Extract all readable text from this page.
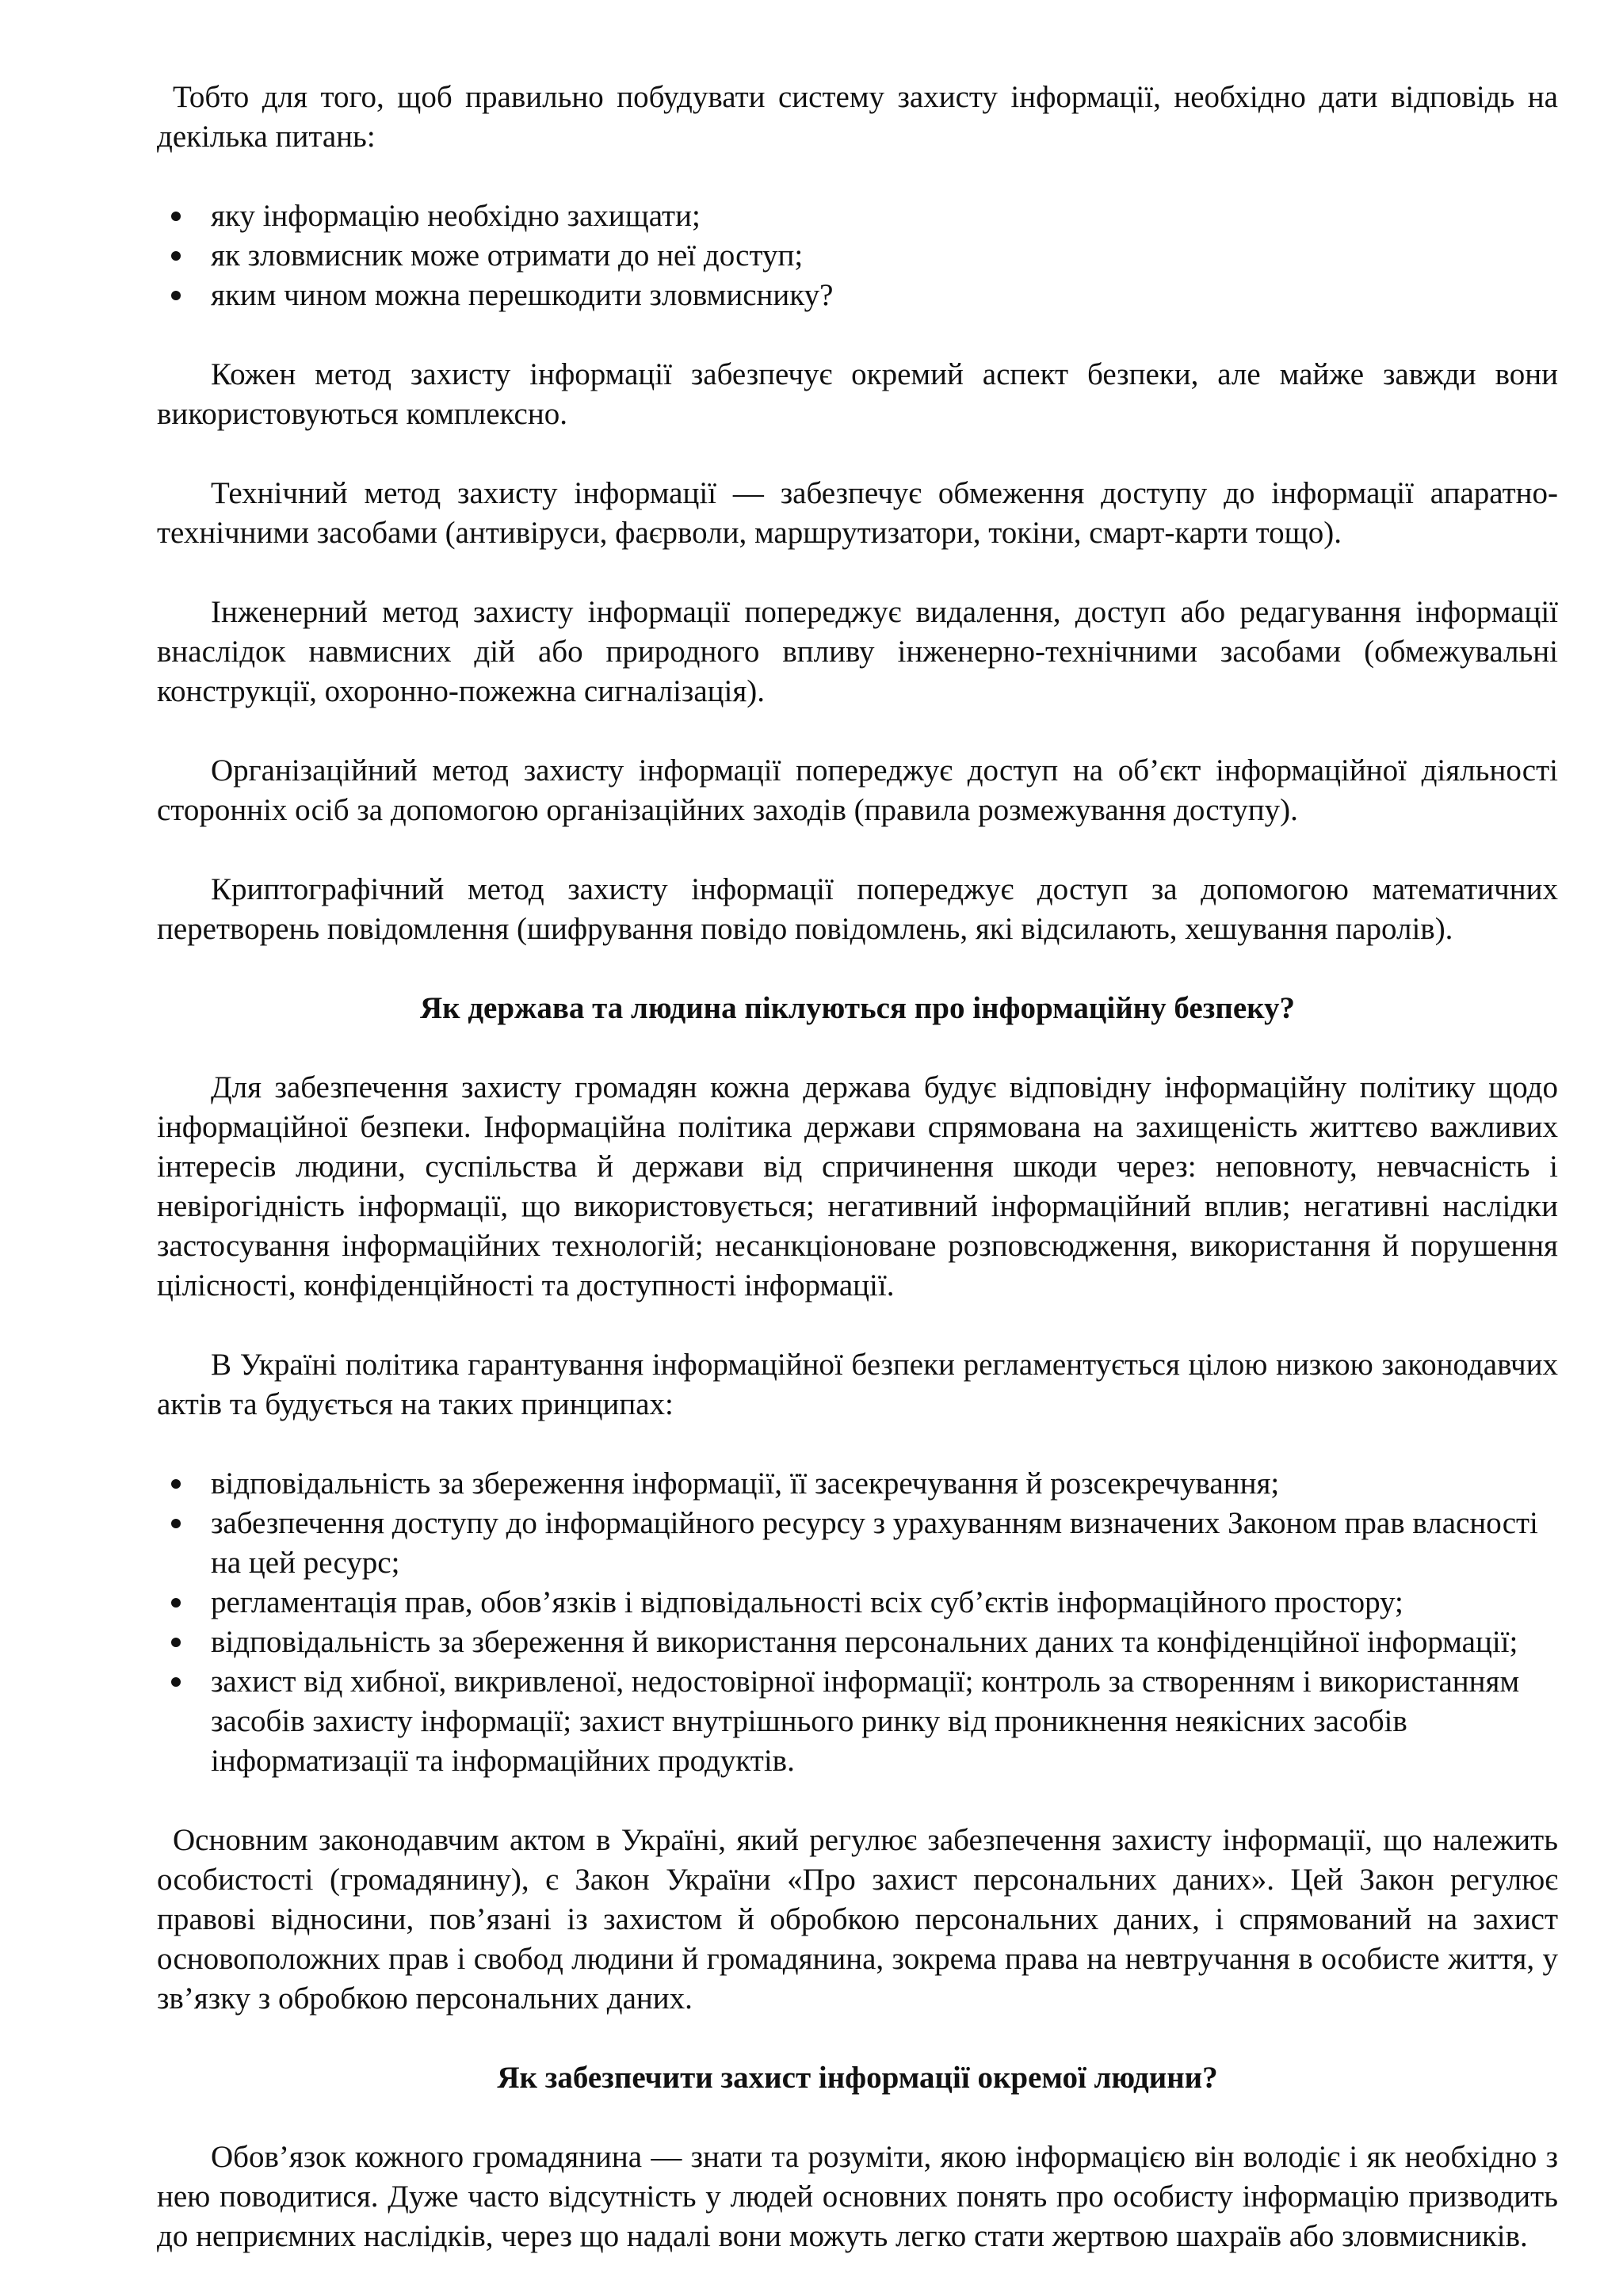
Тобто для того, щоб правильно побудувати систему захисту інформації, необхідно дати відповідь на декілька питань:

яку інформацію необхідно захищати;
як зловмисник може отримати до неї доступ;
яким чином можна перешкодити зловмиснику?

Кожен метод захисту інформації забезпечує окремий аспект безпеки, але майже завжди вони використовуються комплексно.

Технічний метод захисту інформації — забезпечує обмеження доступу до інформації апаратно-технічними засобами (антивіруси, фаєрволи, маршрутизатори, токіни, смарт-карти тощо).

Інженерний метод захисту інформації попереджує видалення, доступ або редагування інформації внаслідок навмисних дій або природного впливу інженерно-технічними засобами (обмежувальні конструкції, охоронно-пожежна сигналізація).

Організаційний метод захисту інформації попереджує доступ на об’єкт інформаційної діяльності сторонніх осіб за допомогою організаційних заходів (правила розмежування доступу).

Криптографічний метод захисту інформації попереджує доступ за допомогою математичних перетворень повідомлення (шифрування повідо повідомлень, які відсилають, хешування паролів).

Як держава та людина піклуються про інформаційну безпеку?

Для забезпечення захисту громадян кожна держава будує відповідну інформаційну політику щодо інформаційної безпеки. Інформаційна політика держави спрямована на захищеність життєво важливих інтересів людини, суспільства й держави від спричинення шкоди через: неповноту, невчасність і невірогідність інформації, що використовується; негативний інформаційний вплив; негативні наслідки застосування інформаційних технологій; несанкціоноване розповсюдження, використання й порушення цілісності, конфіденційності та доступності інформації.

В Україні політика гарантування інформаційної безпеки регламентується цілою низкою законодавчих актів та будується на таких принципах:

відповідальність за збереження інформації, її засекречування й розсекречування;
забезпечення доступу до інформаційного ресурсу з урахуванням визначених Законом прав власності на цей ресурс;
регламентація прав, обов’язків і відповідальності всіх суб’єктів інформаційного простору;
відповідальність за збереження й використання персональних даних та конфіденційної інформації;
захист від хибної, викривленої, недостовірної інформації; контроль за створенням і використанням засобів захисту інформації; захист внутрішнього ринку від проникнення неякісних засобів інформатизації та інформаційних продуктів.

Основним законодавчим актом в Україні, який регулює забезпечення захисту інформації, що належить особистості (громадянину), є Закон України «Про захист персональних даних». Цей Закон регулює правові відносини, пов’язані із захистом й обробкою персональних даних, і спрямований на захист основоположних прав і свобод людини й громадянина, зокрема права на невтручання в особисте життя, у зв’язку з обробкою персональних даних.

Як забезпечити захист інформації окремої людини?

Обов’язок кожного громадянина — знати та розуміти, якою інформацією він володіє і як необхідно з нею поводитися. Дуже часто відсутність у людей основних понять про особисту інформацію призводить до неприємних наслідків, через що надалі вони можуть легко стати жертвою шахраїв або зловмисників.
